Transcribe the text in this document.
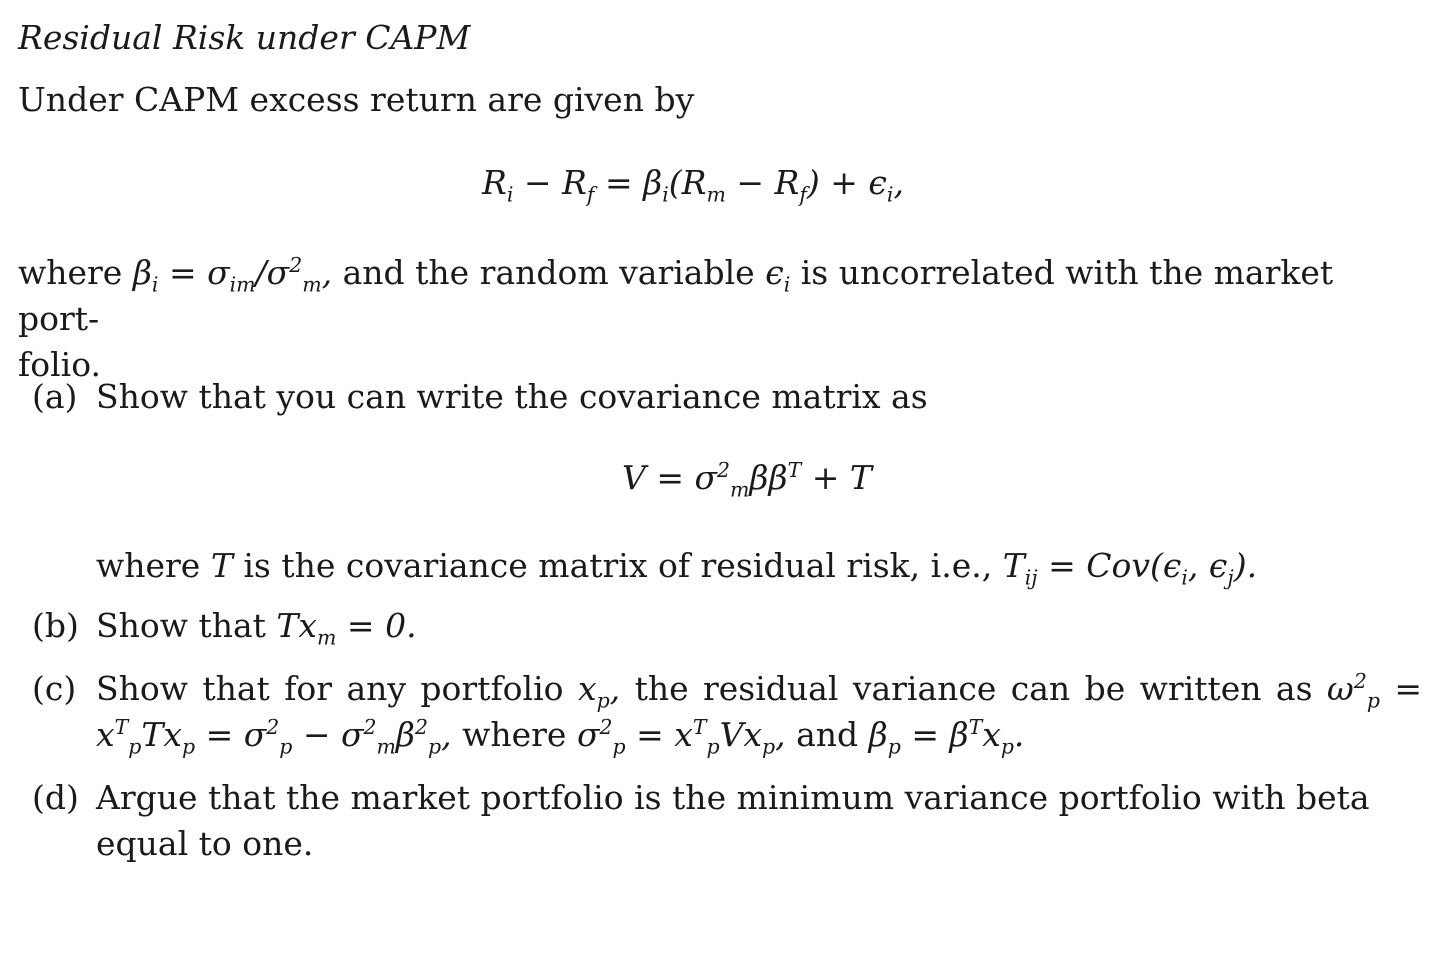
Residual Risk under CAPM
Under CAPM excess return are given by
$R_i - R_f = \beta_i(R_m - R_f) + \epsilon_i$,
where $\beta_i = \sigma_{im}/\sigma^2_m$, and the random variable $\epsilon_i$ is uncorrelated with the market port-
folio.
(a) Show that you can write the covariance matrix as
$V = \sigma^2_m\beta\beta^T + T$
where T is the covariance matrix of residual risk, i.e., $T_{ij} = Cov(\epsilon_i$, $\epsilon_j$).
(b) Show that $Tx_m = 0$.
(c) Show that for any portfolio $x_p$, the residual variance can be written as $\omega^2_p = x^T_pTx_p = \sigma^2_p - \sigma^2_m\beta^2_p$, where $\sigma^2_p = x^T_pVx_p$, and $\beta_p = \beta^Tx_p$.
(d) Argue that the market portfolio is the minimum variance portfolio with beta equal to one.
